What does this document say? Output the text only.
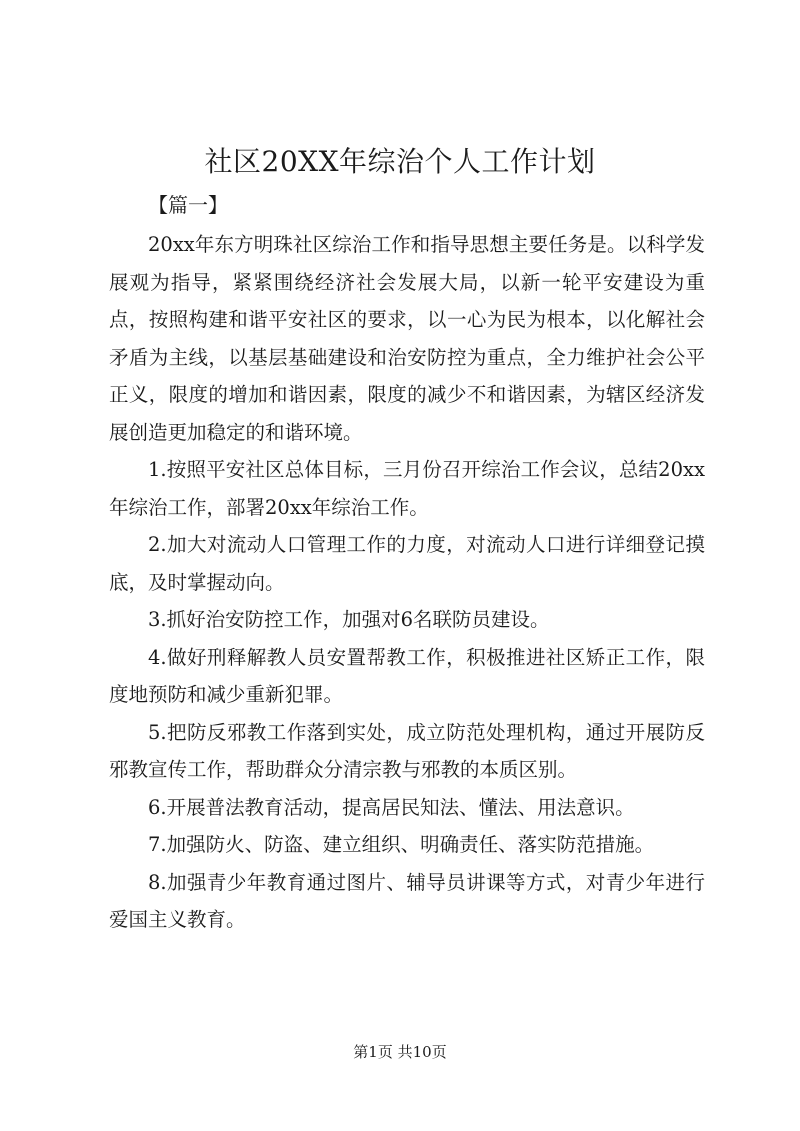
社区20XX年综治个人工作计划
【篇一】

20xx年东方明珠社区综治工作和指导思想主要任务是。以科学发展观为指导，紧紧围绕经济社会发展大局，以新一轮平安建设为重点，按照构建和谐平安社区的要求，以一心为民为根本，以化解社会矛盾为主线，以基层基础建设和治安防控为重点，全力维护社会公平正义，限度的增加和谐因素，限度的减少不和谐因素，为辖区经济发展创造更加稳定的和谐环境。

1.按照平安社区总体目标，三月份召开综治工作会议，总结20xx年综治工作，部署20xx年综治工作。

2.加大对流动人口管理工作的力度，对流动人口进行详细登记摸底，及时掌握动向。

3.抓好治安防控工作，加强对6名联防员建设。

4.做好刑释解教人员安置帮教工作，积极推进社区矫正工作，限度地预防和减少重新犯罪。

5.把防反邪教工作落到实处，成立防范处理机构，通过开展防反邪教宣传工作，帮助群众分清宗教与邪教的本质区别。

6.开展普法教育活动，提高居民知法、懂法、用法意识。

7.加强防火、防盗、建立组织、明确责任、落实防范措施。

8.加强青少年教育通过图片、辅导员讲课等方式，对青少年进行爱国主义教育。

第1页 共10页
